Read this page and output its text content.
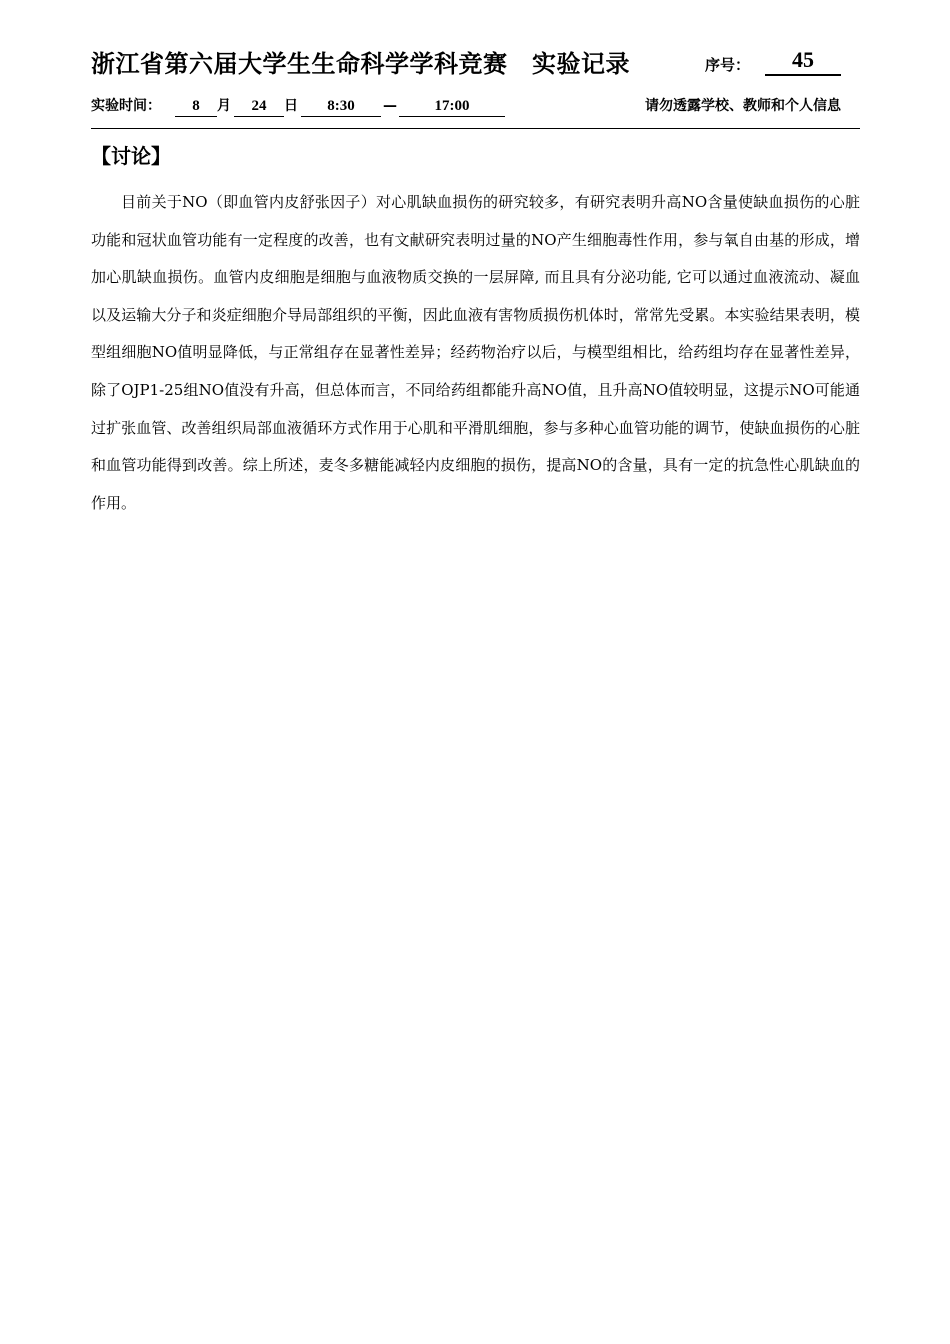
浙江省第六届大学生生命科学学科竞赛　实验记录	序号：	45
实验时间：	8	月	24	日	8:30	—	17:00	请勿透露学校、教师和个人信息
【讨论】

目前关于NO（即血管内皮舒张因子）对心肌缺血损伤的研究较多，有研究表明升高NO含量使缺血损伤的心脏功能和冠状血管功能有一定程度的改善，也有文献研究表明过量的NO产生细胞毒性作用，参与氧自由基的形成，增加心肌缺血损伤。血管内皮细胞是细胞与血液物质交换的一层屏障, 而且具有分泌功能, 它可以通过血液流动、凝血以及运输大分子和炎症细胞介导局部组织的平衡，因此血液有害物质损伤机体时，常常先受累。本实验结果表明，模型组细胞NO值明显降低，与正常组存在显著性差异；经药物治疗以后，与模型组相比，给药组均存在显著性差异，除了OJP1-25组NO值没有升高，但总体而言，不同给药组都能升高NO值，且升高NO值较明显，这提示NO可能通过扩张血管、改善组织局部血液循环方式作用于心肌和平滑肌细胞，参与多种心血管功能的调节，使缺血损伤的心脏和血管功能得到改善。综上所述，麦冬多糖能减轻内皮细胞的损伤，提高NO的含量，具有一定的抗急性心肌缺血的作用。
